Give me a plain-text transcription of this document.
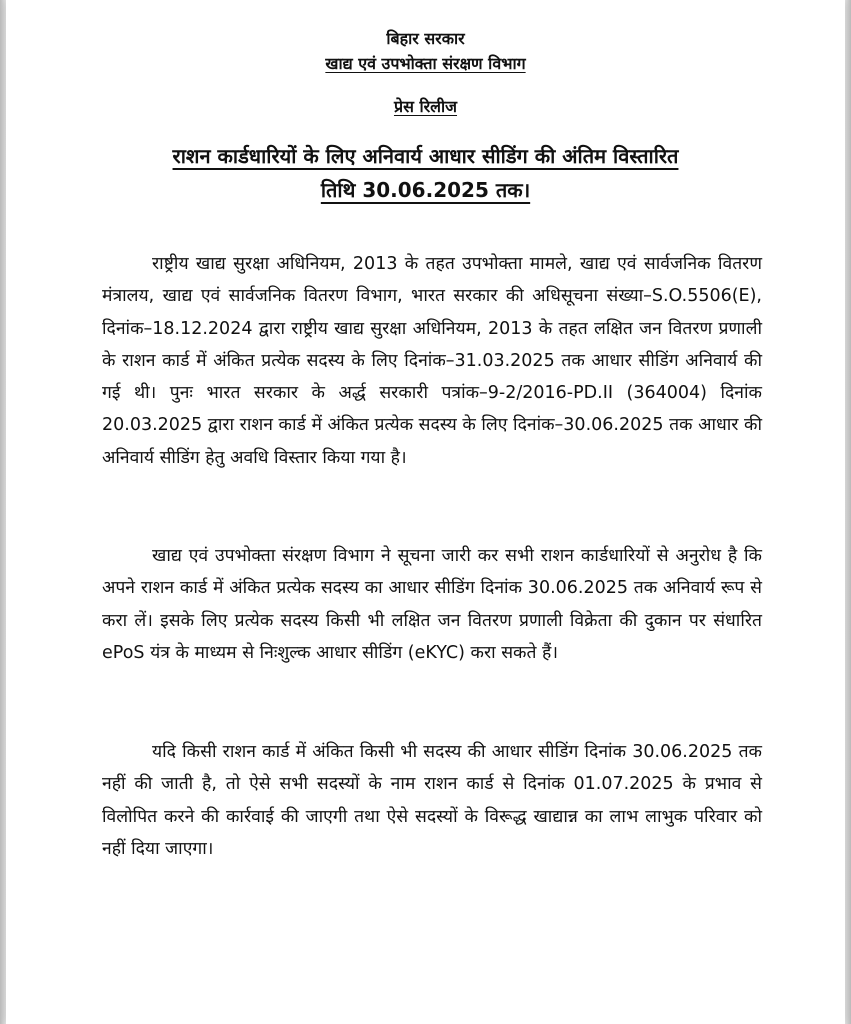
बिहार सरकार
खाद्य एवं उपभोक्ता संरक्षण विभाग
प्रेस रिलीज
राशन कार्डधारियों के लिए अनिवार्य आधार सीडिंग की अंतिम विस्तारित
तिथि 30.06.2025 तक।

राष्ट्रीय खाद्य सुरक्षा अधिनियम, 2013 के तहत उपभोक्ता मामले, खाद्य एवं सार्वजनिक वितरण मंत्रालय, खाद्य एवं सार्वजनिक वितरण विभाग, भारत सरकार की अधिसूचना संख्या–S.O.5506(E), दिनांक–18.12.2024 द्वारा राष्ट्रीय खाद्य सुरक्षा अधिनियम, 2013 के तहत लक्षित जन वितरण प्रणाली के राशन कार्ड में अंकित प्रत्येक सदस्य के लिए दिनांक–31.03.2025 तक आधार सीडिंग अनिवार्य की गई थी। पुनः भारत सरकार के अर्द्ध सरकारी पत्रांक–9-2/2016-PD.II (364004) दिनांक 20.03.2025 द्वारा राशन कार्ड में अंकित प्रत्येक सदस्य के लिए दिनांक–30.06.2025 तक आधार की अनिवार्य सीडिंग हेतु अवधि विस्तार किया गया है।

खाद्य एवं उपभोक्ता संरक्षण विभाग ने सूचना जारी कर सभी राशन कार्डधारियों से अनुरोध है कि अपने राशन कार्ड में अंकित प्रत्येक सदस्य का आधार सीडिंग दिनांक 30.06.2025 तक अनिवार्य रूप से करा लें। इसके लिए प्रत्येक सदस्य किसी भी लक्षित जन वितरण प्रणाली विक्रेता की दुकान पर संधारित ePoS यंत्र के माध्यम से निःशुल्क आधार सीडिंग (eKYC) करा सकते हैं।

यदि किसी राशन कार्ड में अंकित किसी भी सदस्य की आधार सीडिंग दिनांक 30.06.2025 तक नहीं की जाती है, तो ऐसे सभी सदस्यों के नाम राशन कार्ड से दिनांक 01.07.2025 के प्रभाव से विलोपित करने की कार्रवाई की जाएगी तथा ऐसे सदस्यों के विरूद्ध खाद्यान्न का लाभ लाभुक परिवार को नहीं दिया जाएगा।
